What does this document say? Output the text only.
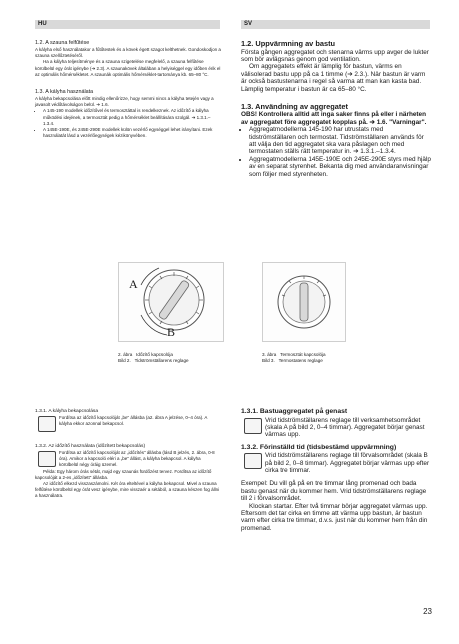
HU	SV

1.2. A szauna felfűtése

A kályha első használatakor a fűtőtestek és a kövek égett szagot kelthetnek. Gondoskodjon a szauna szellőztetéséről.

Ha a kályha teljesítménye és a szauna szigetelése megfelelő, a szauna felfűtése körülbelül egy órát igénybe (➔ 2.3). A szaunakövek általában a helyiséggel egy időben érik el az optimális hőmérsékletet. A szaunák optimális hőmérséklet-tartománya kb. 65–80 °C.

1.3. A kályha használata

A kályha bekapcsolása előtt mindig ellenőrizze, hogy semmi nincs a kályha tetején vagy a javasolt védőtávolságon belül. ➔ 1.6.

• A 145-190 modellek időzítővel és termosztáttal is rendelkeznek. Az időzítő a kályha működési idejének, a termosztát pedig a hőmérséklet beállítására szolgál. ➔ 1.3.1.–1.3.4.
• A 145E-190E, és 245E-290E modellek külön vezérlő egységgel lehet irányítani. Ezek használatát lásd a vezérlőegységek kézikönyvében.

1.2. Uppvärmning av bastu

Första gången aggregatet och stenarna värms upp avger de lukter som bör avlägsnas genom god ventilation.

Om aggregatets effekt är lämplig för bastun, värms en välisolerad bastu upp på ca 1 timme (➔ 2.3.). När bastun är varm är också bastustenarna i regel så varma att man kan kasta bad. Lämplig temperatur i bastun är ca 65–80 °C.

1.3. Användning av aggregatet

OBS! Kontrollera alltid att inga saker finns på eller i närheten av aggregatet före aggregatet kopplas på. ➔ 1.6. "Varningar".

• Aggregatmodellerna 145-190 har utrustats med tidströmställaren och termostat. Tidströmställaren används för att välja den tid aggregatet ska vara påslagen och med termostaten ställs rätt temperatur in. ➔ 1.3.1.–1.3.4.
• Aggregatmodellerna 145E-190E och 245E-290E styrs med hjälp av en separat styrenhet. Bekanta dig med användaranvisningar som följer med styrenheten.
A
B
2. ábra Időzítő kapcsolója
Bild 2. Tidströmställarens reglage
3. ábra Termosztát kapcsolója
Bild 3. Termostatens reglage

1.3.1. A kályha bekapcsolása

Fordítsa az időzítő kapcsolóját „be" állásba (a2. ábra A jelzése, 0–4 óra). A kályha ekkor azonnal bekapcsol.

1.3.2. Az időzítő használata (időzített bekapcsolás)

Fordítsa az időzítő kapcsolóját az „időzítés" állásba (lásd B jelzés, 2. ábra, 0-8 óra). Amikor a kapcsoló eléri a „be" állást, a kályha bekapcsol. A kályha körülbelül négy óráig üzemel.

Példa: Egy három órás sétát, majd egy szaunás fürdőzést tervez. Fordítsa az időzítő kapcsolóját a 2-es „időzített" állásba.

Az időzítő elkezd visszaszámolni. Két óra elteltével a kályha bekapcsol. Mivel a szauna felfűtése körülbelül egy órát vesz igénybe, mire visszaér a sétából, a szauna készen fog állni a használatra.

1.3.1. Bastuaggregatet på genast

Vrid tidströmställarens reglage till verksamhetsområdet (skala A på bild 2, 0–4 timmar). Aggregatet börjar genast värmas upp.

1.3.2. Förinställd tid (tidsbestämd uppvärmning)

Vrid tidströmställarens reglage till förvalsområdet (skala B på bild 2, 0–8 timmar). Aggregatet börjar värmas upp efter cirka tre timmar.

Exempel: Du vill gå på en tre timmar lång promenad och bada bastu genast när du kommer hem. Vrid tidströmställarens reglage till 2 i förvalsområdet.

Klockan startar. Efter två timmar börjar aggregatet värmas upp. Eftersom det tar cirka en timme att värma upp bastun, är bastun varm efter cirka tre timmar, d.v.s. just när du kommer hem från din promenad.

23
